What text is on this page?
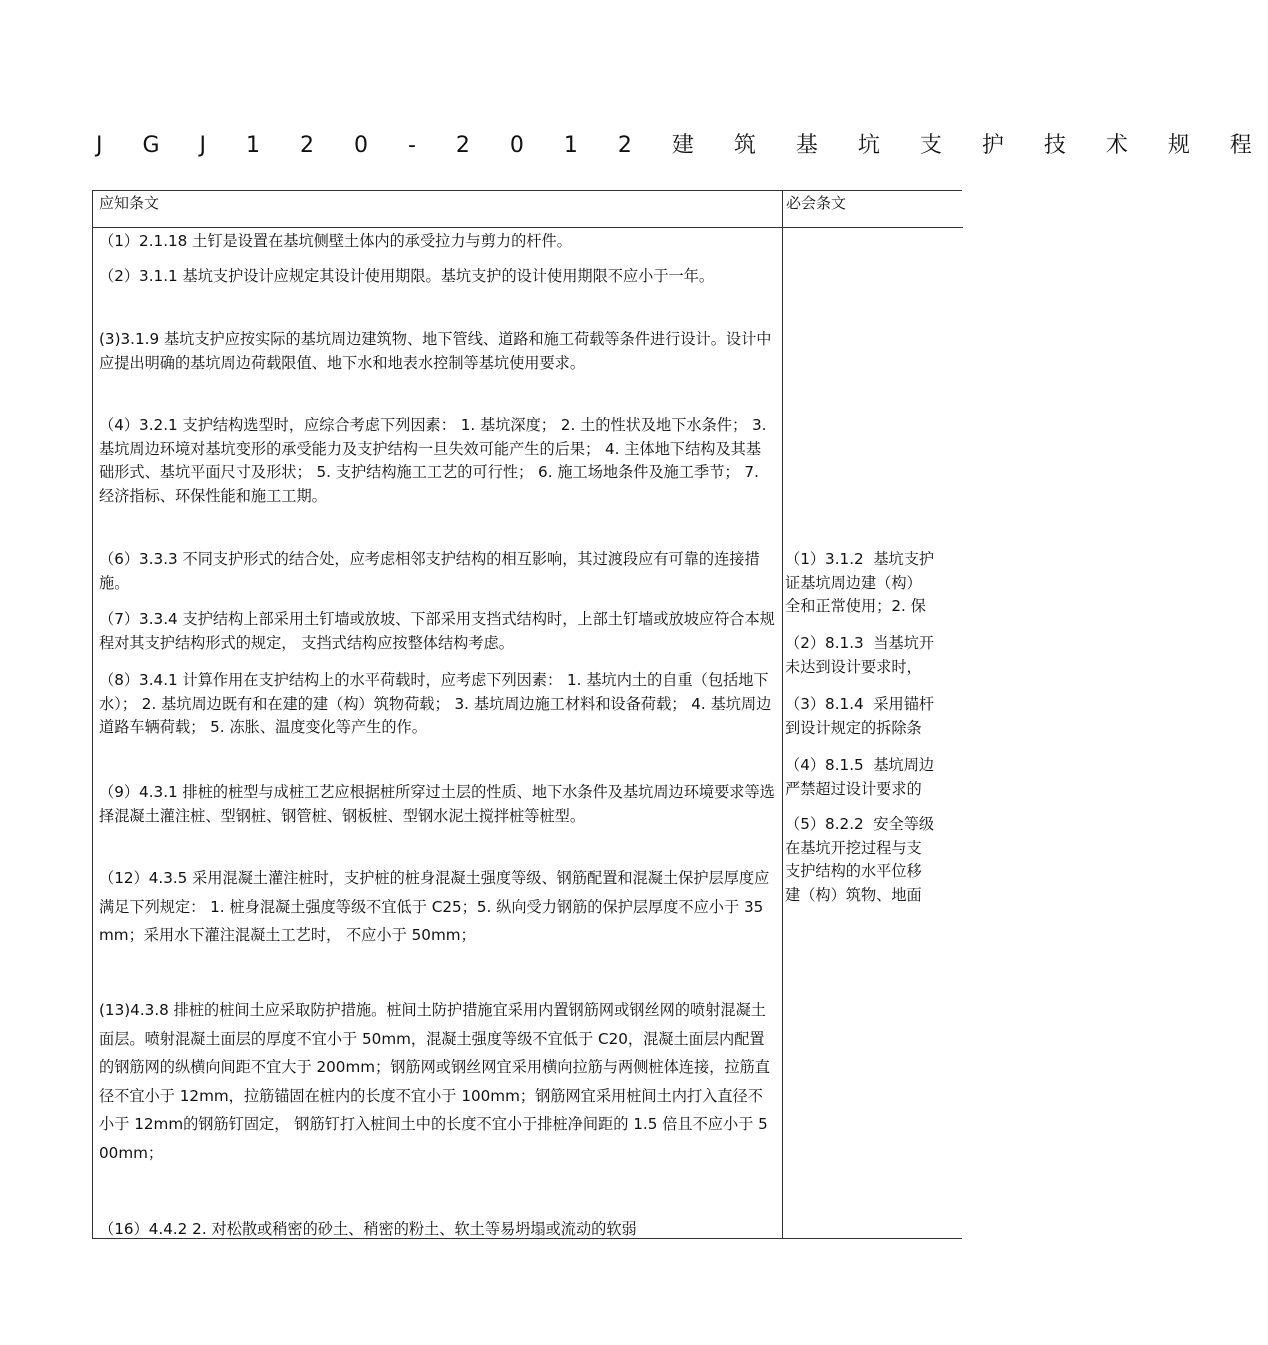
J G J 1 2 0 - 2 0 1 2 建 筑 基 坑 支 护 技 术 规 程
应知条文
（1）2.1.18 土钉是设置在基坑侧壁土体内的承受拉力与剪力的杆件。
（2）3.1.1 基坑支护设计应规定其设计使用期限。基坑支护的设计使用期限不应小于一年。
(3)3.1.9 基坑支护应按实际的基坑周边建筑物、地下管线、道路和施工荷载等条件进行设计。设计中应提出明确的基坑周边荷载限值、地下水和地表水控制等基坑使用要求。
（4）3.2.1 支护结构选型时，应综合考虑下列因素： 1. 基坑深度； 2. 土的性状及地下水条件； 3. 基坑周边环境对基坑变形的承受能力及支护结构一旦失效可能产生的后果； 4. 主体地下结构及其基础形式、基坑平面尺寸及形状； 5. 支护结构施工工艺的可行性； 6. 施工场地条件及施工季节； 7. 经济指标、环保性能和施工工期。
（6）3.3.3 不同支护形式的结合处，应考虑相邻支护结构的相互影响，其过渡段应有可靠的连接措施。
（7）3.3.4 支护结构上部采用土钉墙或放坡、下部采用支挡式结构时，上部土钉墙或放坡应符合本规程对其支护结构形式的规定， 支挡式结构应按整体结构考虑。
（8）3.4.1 计算作用在支护结构上的水平荷载时，应考虑下列因素： 1. 基坑内土的自重（包括地下水）； 2. 基坑周边既有和在建的建（构）筑物荷载； 3. 基坑周边施工材料和设备荷载； 4. 基坑周边道路车辆荷载； 5. 冻胀、温度变化等产生的作。
（9）4.3.1 排桩的桩型与成桩工艺应根据桩所穿过土层的性质、地下水条件及基坑周边环境要求等选择混凝土灌注桩、型钢桩、钢管桩、钢板桩、型钢水泥土搅拌桩等桩型。
（12）4.3.5 采用混凝土灌注桩时，支护桩的桩身混凝土强度等级、钢筋配置和混凝土保护层厚度应满足下列规定： 1. 桩身混凝土强度等级不宜低于 C25；5. 纵向受力钢筋的保护层厚度不应小于 35mm；采用水下灌注混凝土工艺时， 不应小于 50mm；
(13)4.3.8 排桩的桩间土应采取防护措施。桩间土防护措施宜采用内置钢筋网或钢丝网的喷射混凝土面层。喷射混凝土面层的厚度不宜小于 50mm，混凝土强度等级不宜低于 C20，混凝土面层内配置的钢筋网的纵横向间距不宜大于 200mm；钢筋网或钢丝网宜采用横向拉筋与两侧桩体连接，拉筋直径不宜小于 12mm，拉筋锚固在桩内的长度不宜小于 100mm；钢筋网宜采用桩间土内打入直径不小于 12mm的钢筋钉固定， 钢筋钉打入桩间土中的长度不宜小于排桩净间距的 1.5 倍且不应小于 500mm；
（16）4.4.2 2. 对松散或稍密的砂土、稍密的粉土、软土等易坍塌或流动的软弱
必会条文
（1）3.1.2  基坑支护
证基坑周边建（构）
全和正常使用；2. 保
（2）8.1.3  当基坑开
未达到设计要求时，
（3）8.1.4  采用锚杆
到设计规定的拆除条
（4）8.1.5  基坑周边
严禁超过设计要求的
（5）8.2.2  安全等级
在基坑开挖过程与支
支护结构的水平位移
建（构）筑物、地面
